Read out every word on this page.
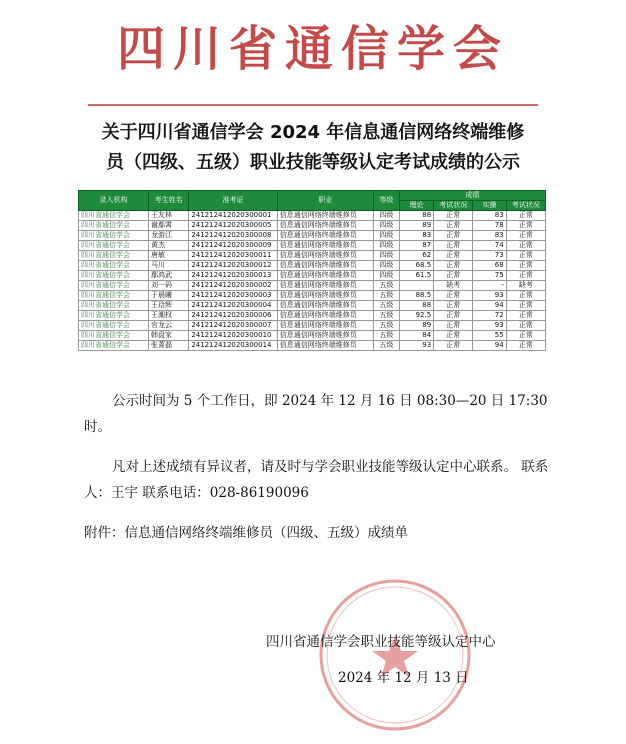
四川省通信学会
关于四川省通信学会 2024 年信息通信网络终端维修
员（四级、五级）职业技能等级认定考试成绩的公示
录入机构	考生姓名	准考证	职业	等级	成绩			
					理论	考试状况	实操	考试状况
四川省通信学会	王友林	241212412020300001	信息通信网络终端维修员	四级	88	正常	83	正常
四川省通信学会	谢鄢霄	241212412020300005	信息通信网络终端维修员	四级	89	正常	78	正常
四川省通信学会	龙游江	241212412020300008	信息通信网络终端维修员	四级	83	正常	83	正常
四川省通信学会	黄杰	241212412020300009	信息通信网络终端维修员	四级	87	正常	74	正常
四川省通信学会	唐敏	241212412020300011	信息通信网络终端维修员	四级	62	正常	73	正常
四川省通信学会	马川	241212412020300012	信息通信网络终端维修员	四级	68.5	正常	68	正常
四川省通信学会	鄢鸿武	241212412020300013	信息通信网络终端维修员	四级	61.5	正常	75	正常
四川省通信学会	刘一码	241212412020300002	信息通信网络终端维修员	五级		缺考	-	缺考
四川省通信学会	于晨曦	241212412020300003	信息通信网络终端维修员	五级	88.5	正常	93	正常
四川省通信学会	王琀辉	241212412020300004	信息通信网络终端维修员	五级	88	正常	94	正常
四川省通信学会	王潮权	241212412020300006	信息通信网络终端维修员	五级	92.5	正常	72	正常
四川省通信学会	官龙云	241212412020300007	信息通信网络终端维修员	五级	89	正常	93	正常
四川省通信学会	韩盘家	241212412020300010	信息通信网络终端维修员	五级	84	正常	55	正常
四川省通信学会	张菁磊	241212412020300014	信息通信网络终端维修员	五级	93	正常	94	正常
公示时间为 5 个工作日，即 2024 年 12 月 16 日 08:30—20 日 17:30 时。
凡对上述成绩有异议者，请及时与学会职业技能等级认定中心联系。 联系人：王宇 联系电话：028-86190096
附件：信息通信网络终端维修员（四级、五级）成绩单
四川省通信学会职业技能等级认定中心
2024 年 12 月 13 日
